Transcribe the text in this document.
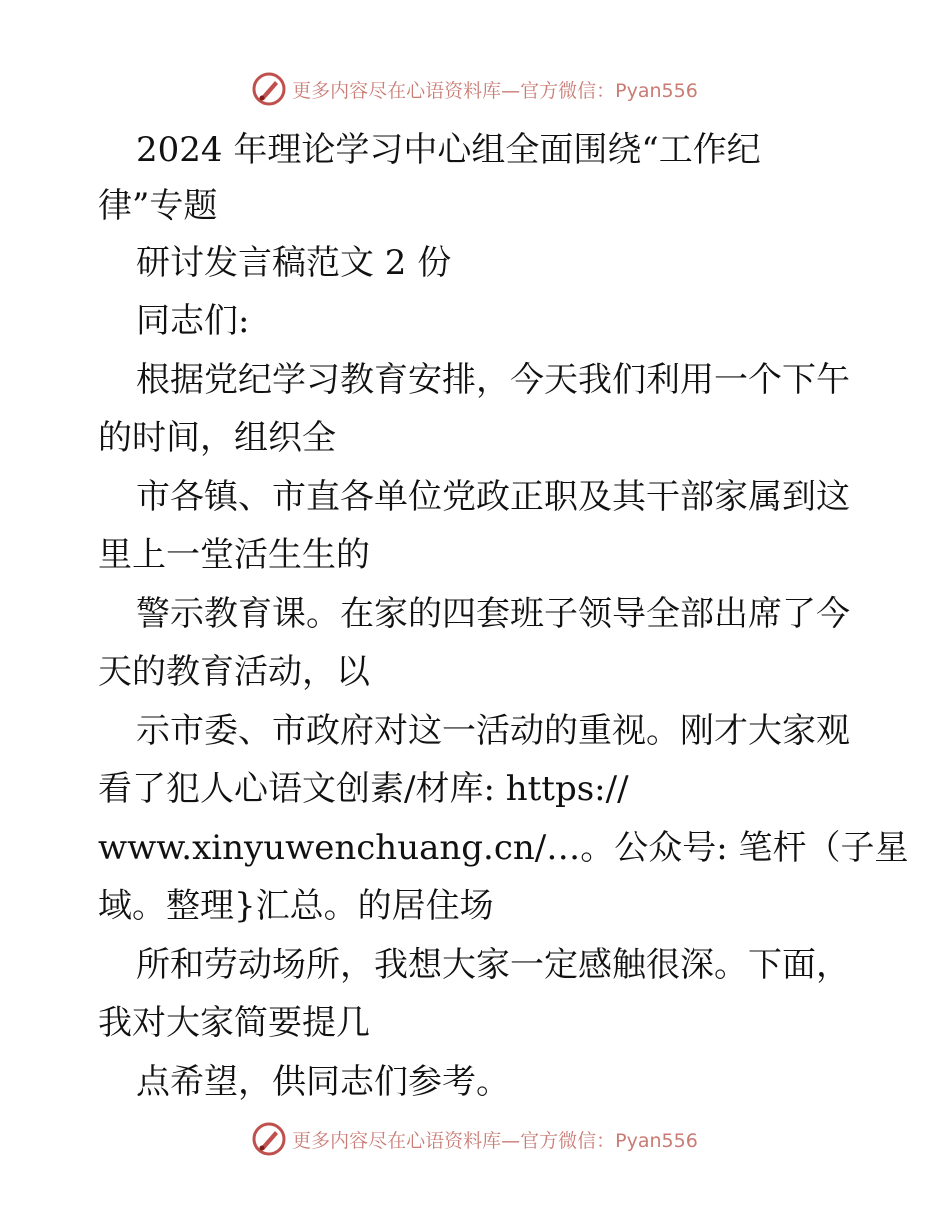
更多内容尽在心语资料库—官方微信：Pyan556
2024 年理论学习中心组全面围绕“工作纪
律”专题
研讨发言稿范文 2 份
同志们:
根据党纪学习教育安排，今天我们利用一个下午
的时间，组织全
市各镇、市直各单位党政正职及其干部家属到这
里上一堂活生生的
警示教育课。在家的四套班子领导全部出席了今
天的教育活动，以
示市委、市政府对这一活动的重视。刚才大家观
看了犯人心语文创素/材库: https://
www.xinyuwenchuang.cn/…。公众号: 笔杆（子星
域。整理}汇总。的居住场
所和劳动场所，我想大家一定感触很深。下面，
我对大家简要提几
点希望，供同志们参考。
更多内容尽在心语资料库—官方微信：Pyan556
